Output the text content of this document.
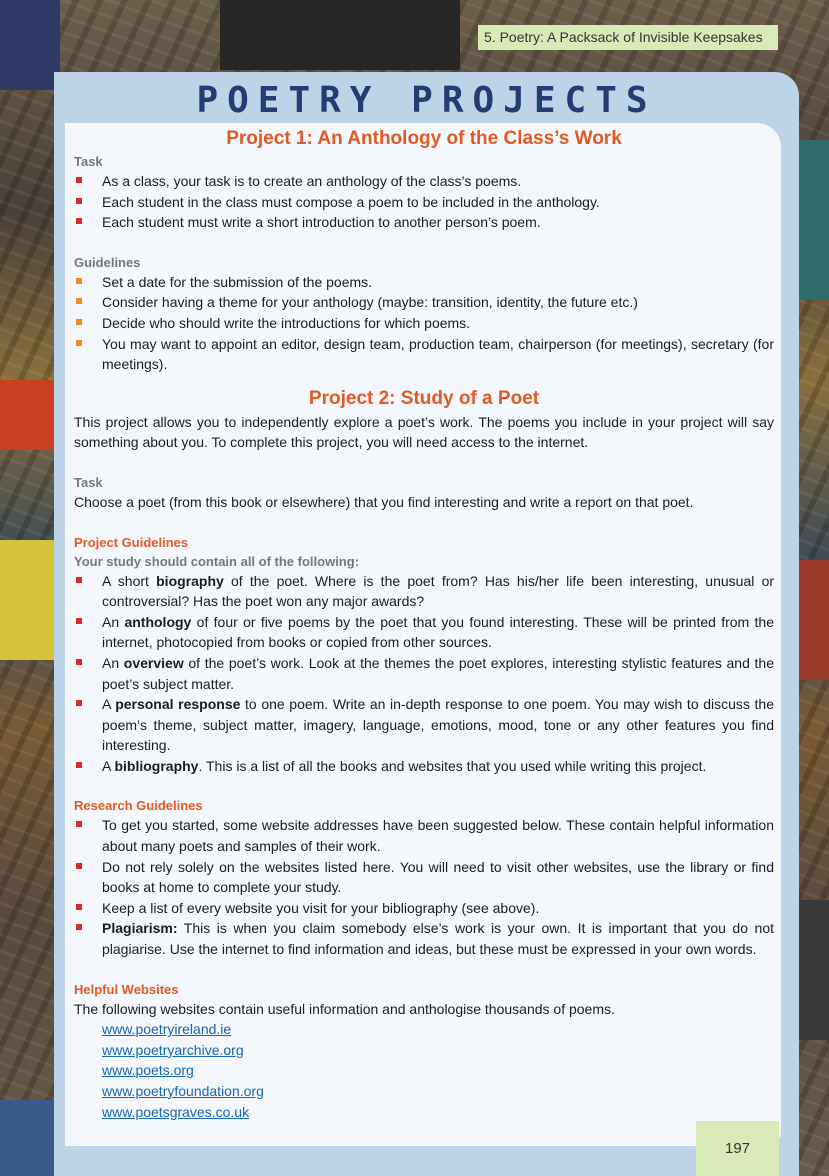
5. Poetry: A Packsack of Invisible Keepsakes
POETRY PROJECTS
Project 1: An Anthology of the Class’s Work
Task
As a class, your task is to create an anthology of the class’s poems.
Each student in the class must compose a poem to be included in the anthology.
Each student must write a short introduction to another person’s poem.
Guidelines
Set a date for the submission of the poems.
Consider having a theme for your anthology (maybe: transition, identity, the future etc.)
Decide who should write the introductions for which poems.
You may want to appoint an editor, design team, production team, chairperson (for meetings), secretary (for meetings).
Project 2: Study of a Poet

This project allows you to independently explore a poet’s work. The poems you include in your project will say something about you. To complete this project, you will need access to the internet.

Task

Choose a poet (from this book or elsewhere) that you find interesting and write a report on that poet.

Project Guidelines
Your study should contain all of the following:
A short biography of the poet. Where is the poet from? Has his/her life been interesting, unusual or controversial? Has the poet won any major awards?
An anthology of four or five poems by the poet that you found interesting. These will be printed from the internet, photocopied from books or copied from other sources.
An overview of the poet’s work. Look at the themes the poet explores, interesting stylistic features and the poet’s subject matter.
A personal response to one poem. Write an in-depth response to one poem. You may wish to discuss the poem’s theme, subject matter, imagery, language, emotions, mood, tone or any other features you find interesting.
A bibliography. This is a list of all the books and websites that you used while writing this project.
Research Guidelines
To get you started, some website addresses have been suggested below. These contain helpful information about many poets and samples of their work.
Do not rely solely on the websites listed here. You will need to visit other websites, use the library or find books at home to complete your study.
Keep a list of every website you visit for your bibliography (see above).
Plagiarism: This is when you claim somebody else’s work is your own. It is important that you do not plagiarise. Use the internet to find information and ideas, but these must be expressed in your own words.
Helpful Websites

The following websites contain useful information and anthologise thousands of poems.

www.poetryireland.ie
www.poetryarchive.org
www.poets.org
www.poetryfoundation.org
www.poetsgraves.co.uk
197
